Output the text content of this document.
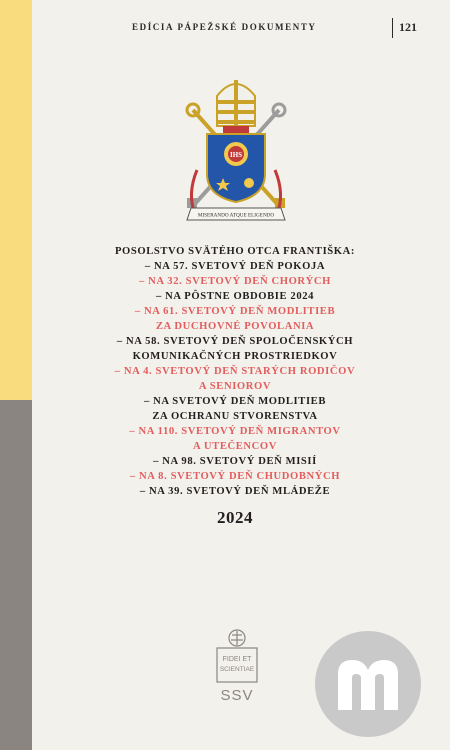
EDÍCIA PÁPEŽSKÉ DOKUMENTY	121
IHS
MISERANDO ATQUE ELIGENDO
POSOLSTVO SVÄTÉHO OTCA FRANTIŠKA:
– NA 57. SVETOVÝ DEŇ POKOJA
– NA 32. SVETOVÝ DEŇ CHORÝCH
– NA PÔSTNE OBDOBIE 2024
– NA 61. SVETOVÝ DEŇ MODLITIEB
ZA DUCHOVNÉ POVOLANIA
– NA 58. SVETOVÝ DEŇ SPOLOČENSKÝCH
KOMUNIKAČNÝCH PROSTRIEDKOV
– NA 4. SVETOVÝ DEŇ STARÝCH RODIČOV
A SENIOROV
– NA SVETOVÝ DEŇ MODLITIEB
ZA OCHRANU STVORENSTVA
– NA 110. SVETOVÝ DEŇ MIGRANTOV
A UTEČENCOV
– NA 98. SVETOVÝ DEŇ MISIÍ
– NA 8. SVETOVÝ DEŇ CHUDOBNÝCH
– NA 39. SVETOVÝ DEŇ MLÁDEŽE
2024
FIDEI ET
SCIENTIAE
SSV
